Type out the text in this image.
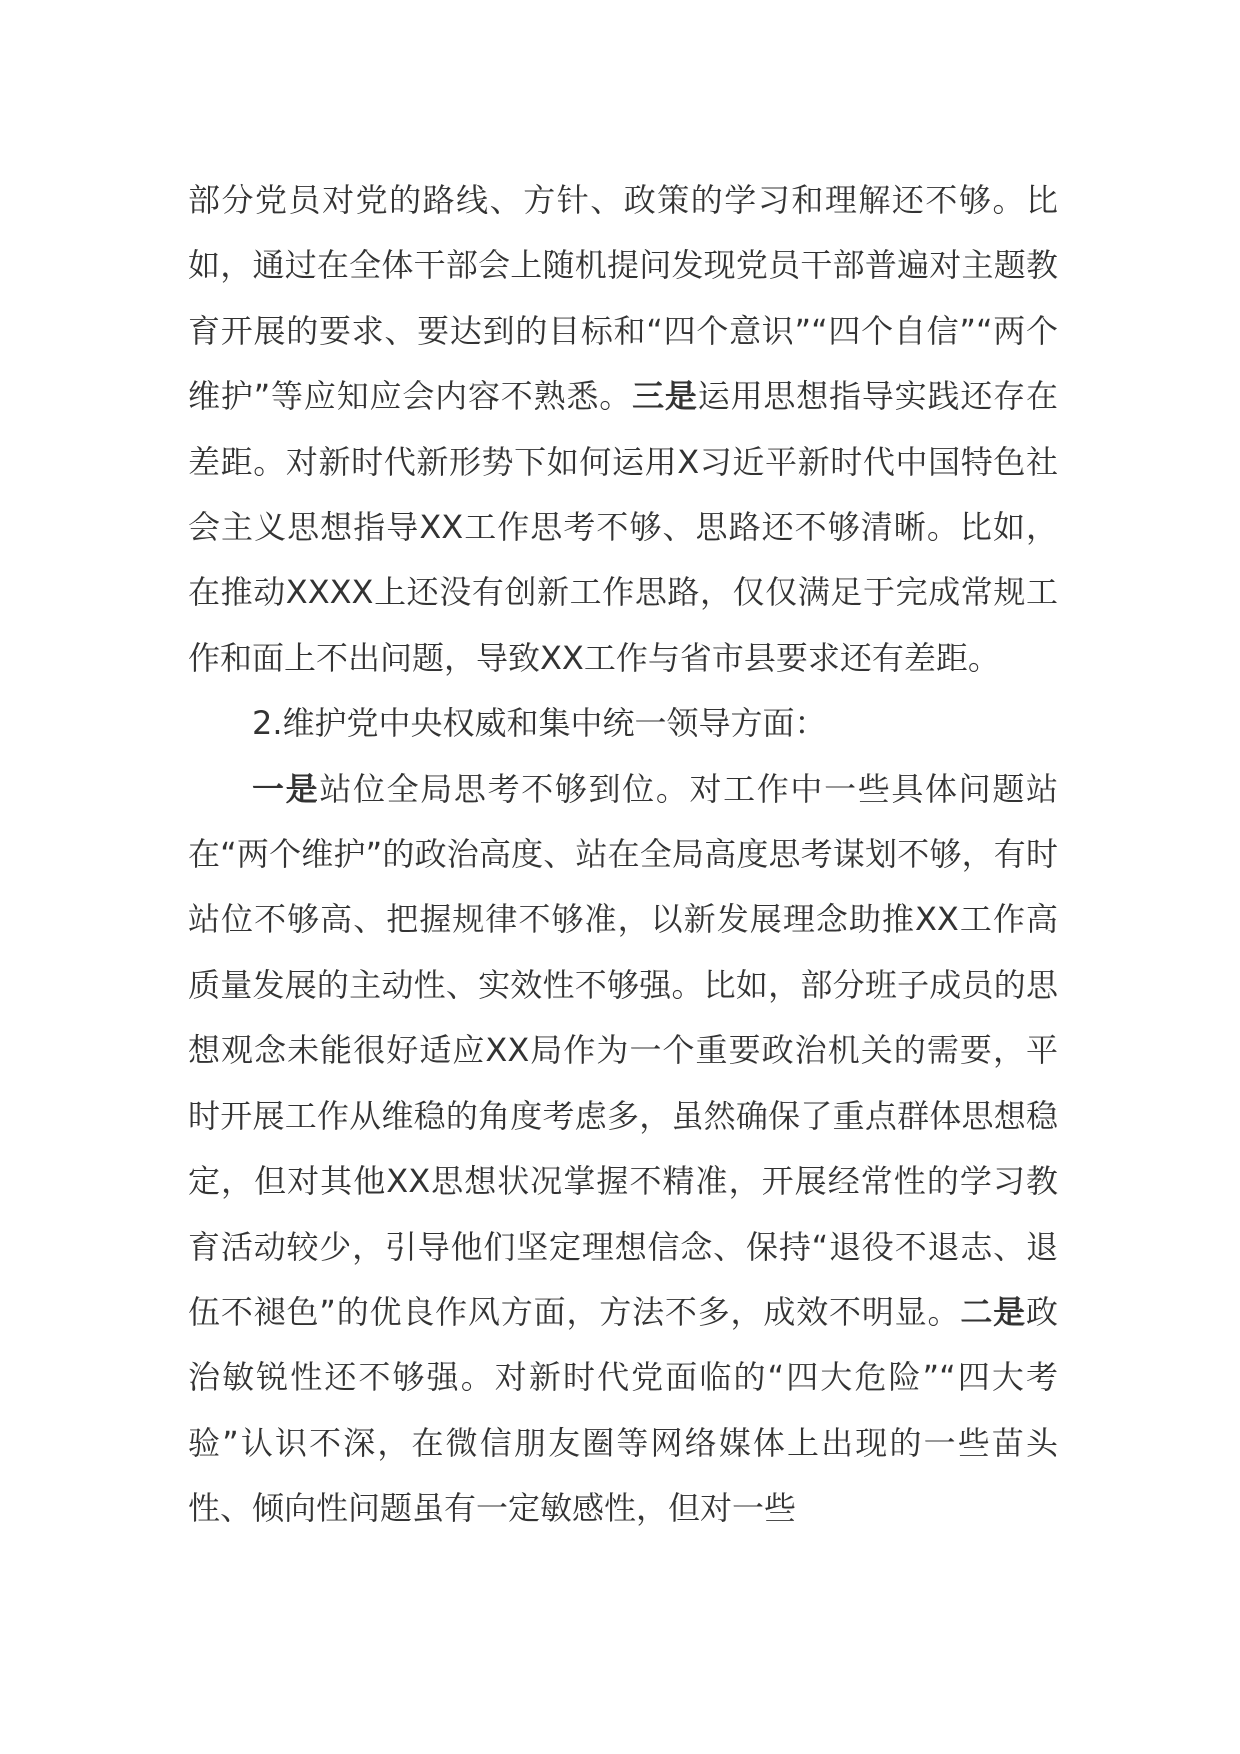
部分党员对党的路线、方针、政策的学习和理解还不够。比如，通过在全体干部会上随机提问发现党员干部普遍对主题教育开展的要求、要达到的目标和“四个意识”“四个自信”“两个维护”等应知应会内容不熟悉。三是运用思想指导实践还存在差距。对新时代新形势下如何运用X习近平新时代中国特色社会主义思想指导XX工作思考不够、思路还不够清晰。比如，在推动XXXX上还没有创新工作思路，仅仅满足于完成常规工作和面上不出问题，导致XX工作与省市县要求还有差距。

2.维护党中央权威和集中统一领导方面：

一是站位全局思考不够到位。对工作中一些具体问题站在“两个维护”的政治高度、站在全局高度思考谋划不够，有时站位不够高、把握规律不够准，以新发展理念助推XX工作高质量发展的主动性、实效性不够强。比如，部分班子成员的思想观念未能很好适应XX局作为一个重要政治机关的需要，平时开展工作从维稳的角度考虑多，虽然确保了重点群体思想稳定，但对其他XX思想状况掌握不精准，开展经常性的学习教育活动较少，引导他们坚定理想信念、保持“退役不退志、退伍不褪色”的优良作风方面，方法不多，成效不明显。二是政治敏锐性还不够强。对新时代党面临的“四大危险”“四大考验”认识不深，在微信朋友圈等网络媒体上出现的一些苗头性、倾向性问题虽有一定敏感性，但对一些
